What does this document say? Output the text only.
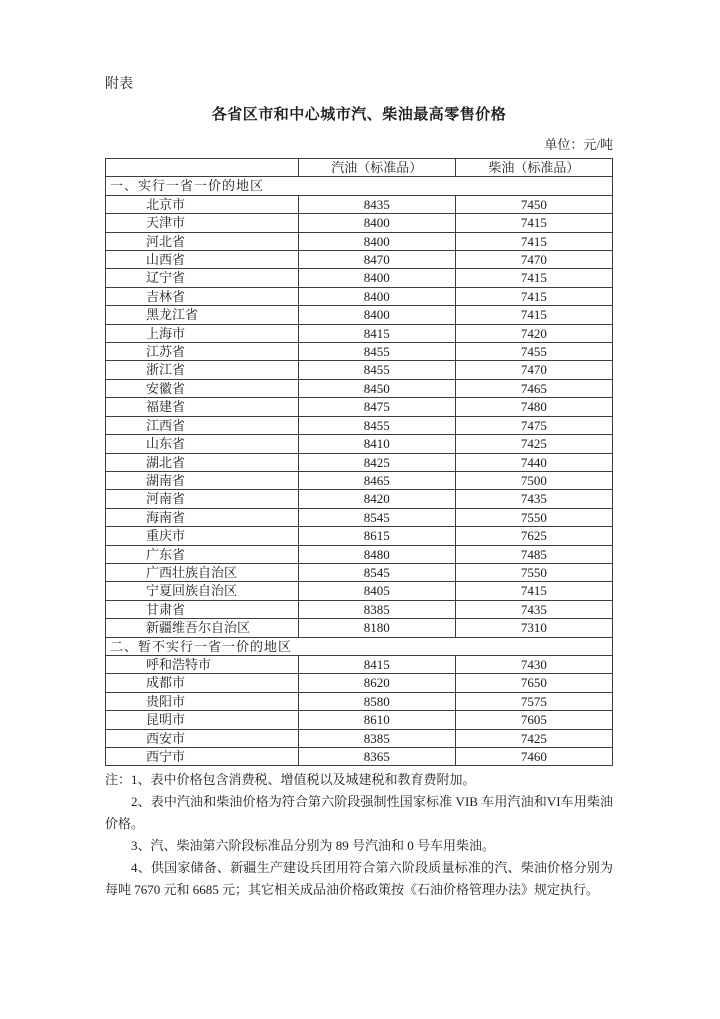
附表
各省区市和中心城市汽、柴油最高零售价格
单位：元/吨
	汽油（标准品）	柴油（标准品）
一、实行一省一价的地区		
北京市	8435	7450
天津市	8400	7415
河北省	8400	7415
山西省	8470	7470
辽宁省	8400	7415
吉林省	8400	7415
黑龙江省	8400	7415
上海市	8415	7420
江苏省	8455	7455
浙江省	8455	7470
安徽省	8450	7465
福建省	8475	7480
江西省	8455	7475
山东省	8410	7425
湖北省	8425	7440
湖南省	8465	7500
河南省	8420	7435
海南省	8545	7550
重庆市	8615	7625
广东省	8480	7485
广西壮族自治区	8545	7550
宁夏回族自治区	8405	7415
甘肃省	8385	7435
新疆维吾尔自治区	8180	7310
二、暂不实行一省一价的地区		
呼和浩特市	8415	7430
成都市	8620	7650
贵阳市	8580	7575
昆明市	8610	7605
西安市	8385	7425
西宁市	8365	7460

注：1、表中价格包含消费税、增值税以及城建税和教育费附加。

2、表中汽油和柴油价格为符合第六阶段强制性国家标准 VIB 车用汽油和VI车用柴油价格。

3、汽、柴油第六阶段标准品分别为 89 号汽油和 0 号车用柴油。

4、供国家储备、新疆生产建设兵团用符合第六阶段质量标准的汽、柴油价格分别为每吨 7670 元和 6685 元；其它相关成品油价格政策按《石油价格管理办法》规定执行。
